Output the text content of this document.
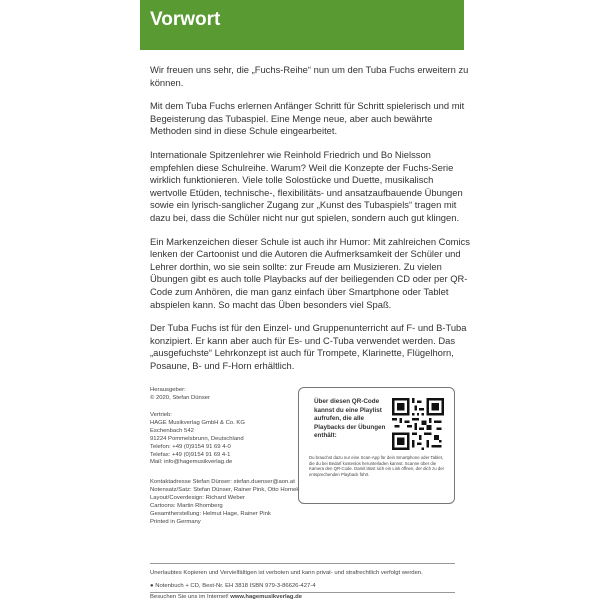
Vorwort

Wir freuen uns sehr, die „Fuchs-Reihe“ nun um den Tuba Fuchs erweitern zu können.

Mit dem Tuba Fuchs erlernen Anfänger Schritt für Schritt spielerisch und mit Begeisterung das Tubaspiel. Eine Menge neue, aber auch bewährte Methoden sind in diese Schule eingearbeitet.

Internationale Spitzenlehrer wie Reinhold Friedrich und Bo Nielsson empfehlen diese Schulreihe. Warum? Weil die Konzepte der Fuchs-Serie wirklich funktionieren. Viele tolle Solostücke und Duette, musikalisch wertvolle Etüden, technische-, flexibilitäts- und ansatzaufbauende Übungen sowie ein lyrisch-sanglicher Zugang zur „Kunst des Tubaspiels“ tragen mit dazu bei, dass die Schüler nicht nur gut spielen, sondern auch gut klingen.

Ein Markenzeichen dieser Schule ist auch ihr Humor: Mit zahlreichen Comics lenken der Cartoonist und die Autoren die Aufmerksamkeit der Schüler und Lehrer dorthin, wo sie sein sollte: zur Freude am Musizieren. Zu vielen Übungen gibt es auch tolle Playbacks auf der beiliegenden CD oder per QR-Code zum Anhören, die man ganz einfach über Smartphone oder Tablet abspielen kann. So macht das Üben besonders viel Spaß.

Der Tuba Fuchs ist für den Einzel- und Gruppenunterricht auf F- und B-Tuba konzipiert. Er kann aber auch für Es- und C-Tuba verwendet werden. Das „ausgefuchste“ Lehrkonzept ist auch für Trompete, Klarinette, Flügelhorn, Posaune, B- und F-Horn erhältlich.

Herausgeber:
© 2020, Stefan Dünser
Vertrieb:
HAGE Musikverlag GmbH & Co. KG
Eschenbach 542
91224 Pommelsbrunn, Deutschland
Telefon: +49 (0)9154 91 69 4-0
Telefax: +49 (0)9154 91 69 4-1
Mail: info@hagemusikverlag.de
Kontaktadresse Stefan Dünser: stefan.duenser@aon.at
Notensatz/Satz: Stefan Dünser, Rainer Pink, Otto Hornek
Layout/Coverdesign: Richard Weber
Cartoons: Martin Rhomberg
Gesamtherstellung: Helmut Hage, Rainer Pink
Printed in Germany
Über diesen QR-Code
kannst du eine Playlist
aufrufen, die alle
Playbacks der Übungen
enthält:
Du brauchst dazu nur eine Scan-App für dein Smartphone oder Tablet, die du bei Bedarf kostenlos herunterladen kannst. Scanne über die Kamera den QR-Code. Damit lässt sich ein Link öffnen, der dich zu der entsprechenden Playback führt.
Unerlaubtes Kopieren und Vervielfältigen ist verboten und kann privat- und strafrechtlich verfolgt werden.
● Notenbuch + CD, Best-Nr. EH 3818 ISBN 979-3-86626-427-4
Besuchen Sie uns im Internet! www.hagemusikverlag.de
